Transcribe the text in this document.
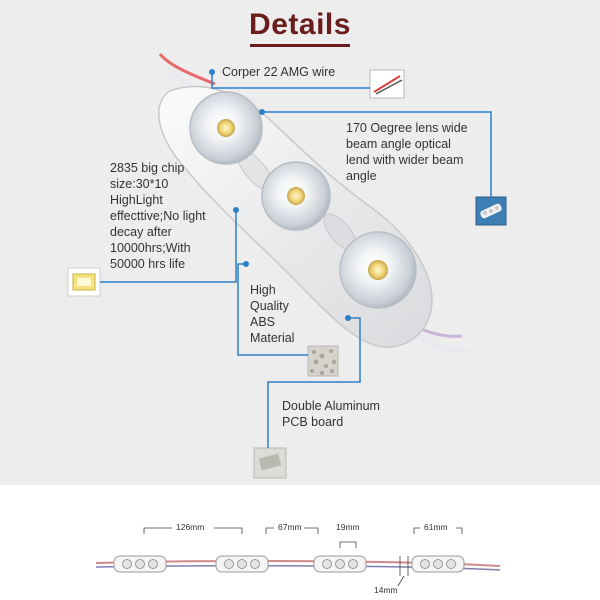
Details
Corper 22 AMG wire
170 Oegree lens wide
beam angle optical
lend with wider beam
angle
2835 big chip
size:30*10
HighLight
effecttive;No light
decay after
10000hrs;With
50000 hrs life
High
Quality
ABS
Material
Double Aluminum
PCB board
126mm	67mm	19mm	61mm
14mm
